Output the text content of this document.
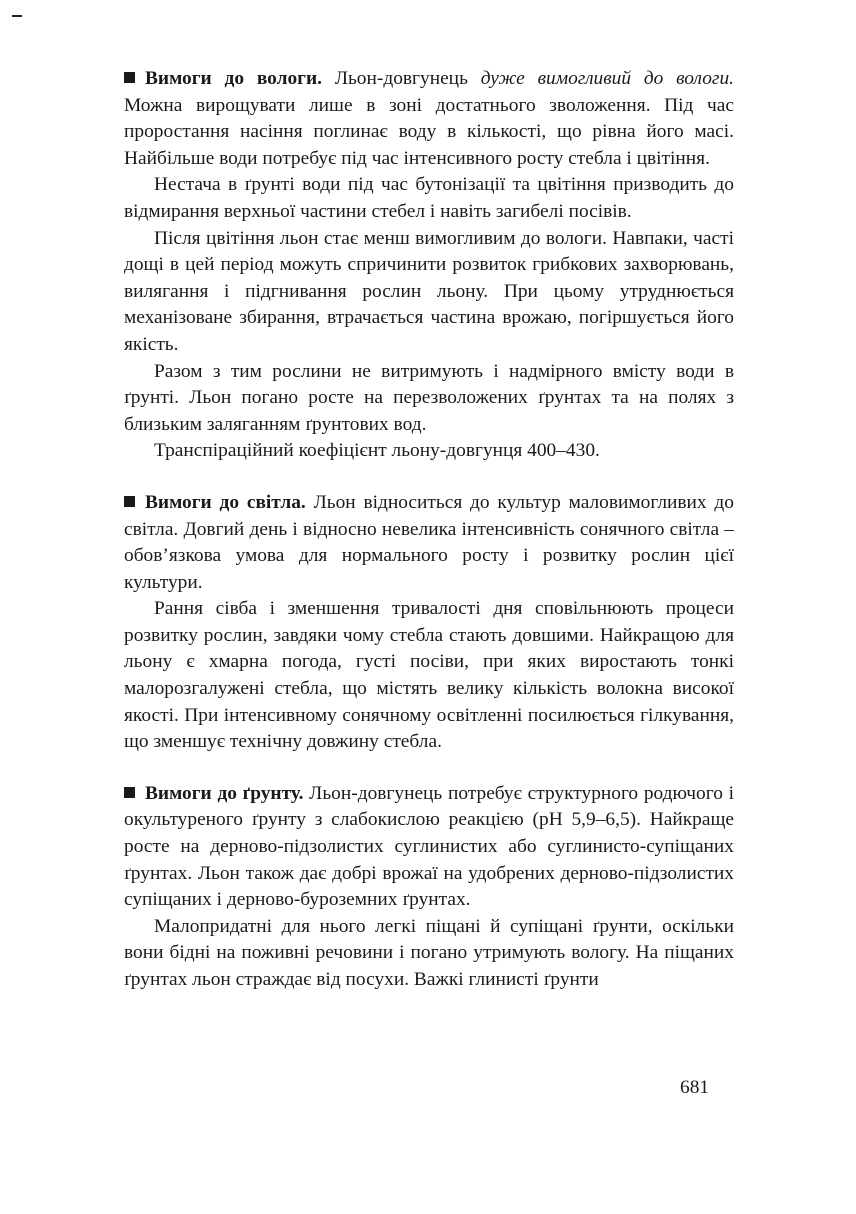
Вимоги до вологи. Льон-довгунець дуже вимогливий до вологи. Можна вирощувати лише в зоні достатнього зволоження. Під час проростання насіння поглинає воду в кількості, що рівна його масі. Найбільше води потребує під час інтенсивного росту стебла і цвітіння.

Нестача в ґрунті води під час бутонізації та цвітіння призводить до відмирання верхньої частини стебел і навіть загибелі посівів.

Після цвітіння льон стає менш вимогливим до вологи. Навпаки, часті дощі в цей період можуть спричинити розвиток грибкових захворювань, вилягання і підгнивання рослин льону. При цьому утруднюється механізоване збирання, втрачається частина врожаю, погіршується його якість.

Разом з тим рослини не витримують і надмірного вмісту води в ґрунті. Льон погано росте на перезволожених ґрунтах та на полях з близьким заляганням ґрунтових вод.

Транспіраційний коефіцієнт льону-довгунця 400–430.

Вимоги до світла. Льон відноситься до культур маловимогливих до світла. Довгий день і відносно невелика інтенсивність сонячного світла – обов’язкова умова для нормального росту і розвитку рослин цієї культури.

Рання сівба і зменшення тривалості дня сповільнюють процеси розвитку рослин, завдяки чому стебла стають довшими. Найкращою для льону є хмарна погода, густі посіви, при яких виростають тонкі малорозгалужені стебла, що містять велику кількість волокна високої якості. При інтенсивному сонячному освітленні посилюється гілкування, що зменшує технічну довжину стебла.

Вимоги до ґрунту. Льон-довгунець потребує структурного родючого і окультуреного ґрунту з слабокислою реакцією (pH 5,9–6,5). Найкраще росте на дерново-підзолистих суглинистих або суглинисто-супіщаних ґрунтах. Льон також дає добрі врожаї на удобрених дерново-підзолистих супіщаних і дерново-буроземних ґрунтах.

Малопридатні для нього легкі піщані й супіщані ґрунти, оскільки вони бідні на поживні речовини і погано утримують вологу. На піщаних ґрунтах льон страждає від посухи. Важкі глинисті ґрунти

681
